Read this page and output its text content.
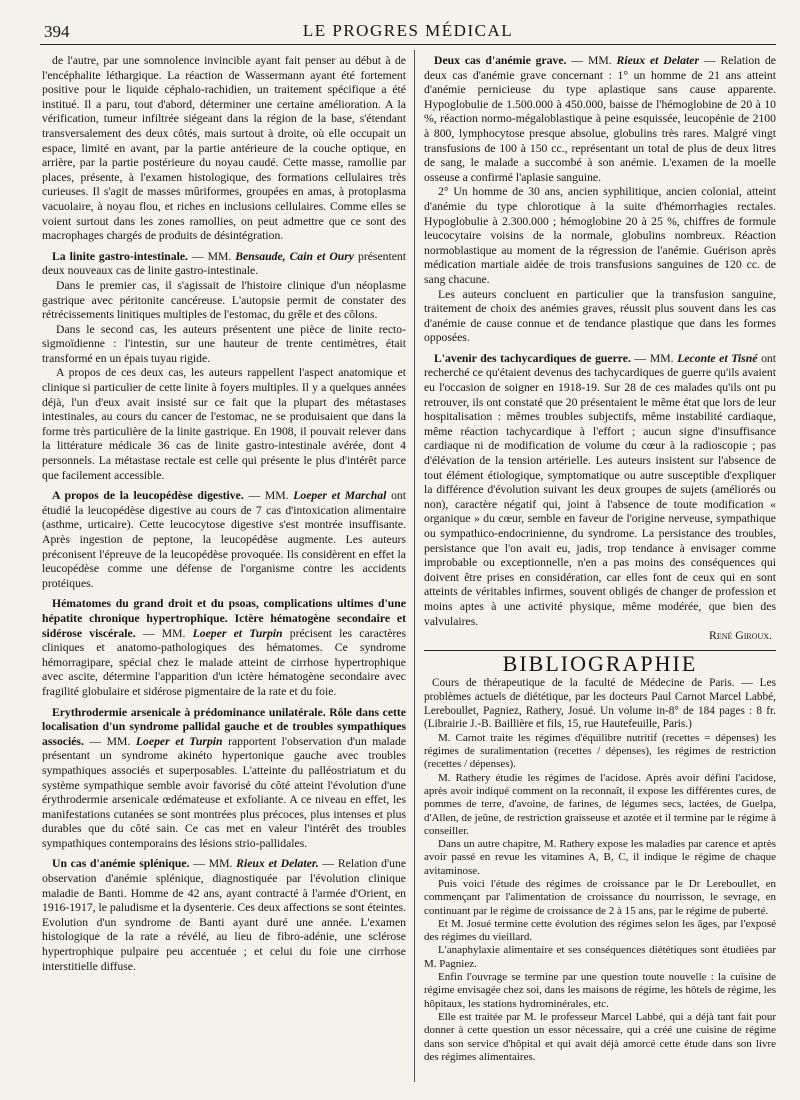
394	LE PROGRES MÉDICAL

de l'autre, par une somnolence invincible ayant fait penser au début à de l'encéphalite léthargique. La réaction de Wassermann ayant été fortement positive pour le liquide céphalo-rachidien, un traitement spécifique a été institué. Il a paru, tout d'abord, déterminer une certaine amélioration. A la vérification, tumeur infiltrée siégeant dans la région de la base, s'étendant transversalement des deux côtés, mais surtout à droite, où elle occupait un espace, limité en avant, par la partie antérieure de la couche optique, en arrière, par la partie postérieure du noyau caudé. Cette masse, ramollie par places, présente, à l'examen histologique, des formations cellulaires très curieuses. Il s'agit de masses mûriformes, groupées en amas, à protoplasma vacuolaire, à noyau flou, et riches en inclusions cellulaires. Comme elles se voient surtout dans les zones ramollies, on peut admettre que ce sont des macrophages chargés de produits de désintégration.

La linite gastro-intestinale. — MM. Bensaude, Cain et Oury présentent deux nouveaux cas de linite gastro-intestinale.

Dans le premier cas, il s'agissait de l'histoire clinique d'un néoplasme gastrique avec péritonite cancéreuse. L'autopsie permit de constater des rétrécissements linitiques multiples de l'estomac, du grêle et des côlons.

Dans le second cas, les auteurs présentent une pièce de linite recto-sigmoïdienne : l'intestin, sur une hauteur de trente centimètres, était transformé en un épais tuyau rigide.

A propos de ces deux cas, les auteurs rappellent l'aspect anatomique et clinique si particulier de cette linite à foyers multiples. Il y a quelques années déjà, l'un d'eux avait insisté sur ce fait que la plupart des métastases intestinales, au cours du cancer de l'estomac, ne se produisaient que dans la forme très particulière de la linite gastrique. En 1908, il pouvait relever dans la littérature médicale 36 cas de linite gastro-intestinale avérée, dont 4 personnels. La métastase rectale est celle qui présente le plus d'intérêt parce que facilement accessible.

A propos de la leucopédèse digestive. — MM. Loeper et Marchal ont étudié la leucopédèse digestive au cours de 7 cas d'intoxication alimentaire (asthme, urticaire). Cette leucocytose digestive s'est montrée insuffisante. Après ingestion de peptone, la leucopédèse augmente. Les auteurs préconisent l'épreuve de la leucopédèse provoquée. Ils considèrent en effet la leucopédèse comme une défense de l'organisme contre les accidents protéiques.

Hématomes du grand droit et du psoas, complications ultimes d'une hépatite chronique hypertrophique. Ictère hématogène secondaire et sidérose viscérale. — MM. Loeper et Turpin précisent les caractères cliniques et anatomo-pathologiques des hématomes. Ce syndrome hémorragipare, spécial chez le malade atteint de cirrhose hypertrophique avec ascite, détermine l'apparition d'un ictère hématogène secondaire avec fragilité globulaire et sidérose pigmentaire de la rate et du foie.

Erythrodermie arsenicale à prédominance unilatérale. Rôle dans cette localisation d'un syndrome pallidal gauche et de troubles sympathiques associés. — MM. Loeper et Turpin rapportent l'observation d'un malade présentant un syndrome akinéto hypertonique gauche avec troubles sympathiques associés et superposables. L'atteinte du palléostriatum et du système sympathique semble avoir favorisé du côté atteint l'évolution d'une érythrodermie arsenicale œdémateuse et exfoliante. A ce niveau en effet, les manifestations cutanées se sont montrées plus précoces, plus intenses et plus durables que du côté sain. Ce cas met en valeur l'intérêt des troubles sympathiques contemporains des lésions strio-pallidales.

Un cas d'anémie splénique. — MM. Rieux et Delater. — Relation d'une observation d'anémie splénique, diagnostiquée par l'évolution clinique maladie de Banti. Homme de 42 ans, ayant contracté à l'armée d'Orient, en 1916-1917, le paludisme et la dysenterie. Ces deux affections se sont éteintes. Evolution d'un syndrome de Banti ayant duré une année. L'examen histologique de la rate a révélé, au lieu de fibro-adénie, une sclérose hypertrophique pulpaire peu accentuée ; et celui du foie une cirrhose interstitielle diffuse.

Deux cas d'anémie grave. — MM. Rieux et Delater — Relation de deux cas d'anémie grave concernant : 1° un homme de 21 ans atteint d'anémie pernicieuse du type aplastique sans cause apparente. Hypoglobulie de 1.500.000 à 450.000, baisse de l'hémoglobine de 20 à 10 %, réaction normo-mégaloblastique à peine esquissée, leucopénie de 2100 à 800, lymphocytose presque absolue, globulins très rares. Malgré vingt transfusions de 100 à 150 cc., représentant un total de plus de deux litres de sang, le malade a succombé à son anémie. L'examen de la moelle osseuse a confirmé l'aplasie sanguine.

2° Un homme de 30 ans, ancien syphilitique, ancien colonial, atteint d'anémie du type chlorotique à la suite d'hémorrhagies rectales. Hypoglobulie à 2.300.000 ; hémoglobine 20 à 25 %, chiffres de formule leucocytaire voisins de la normale, globulins nombreux. Réaction normoblastique au moment de la régression de l'anémie. Guérison après médication martiale aidée de trois transfusions sanguines de 120 cc. de sang chacune.

Les auteurs concluent en particulier que la transfusion sanguine, traitement de choix des anémies graves, réussit plus souvent dans les cas d'anémie de cause connue et de tendance plastique que dans les formes opposées.

L'avenir des tachycardiques de guerre. — MM. Leconte et Tisné ont recherché ce qu'étaient devenus des tachycardiques de guerre qu'ils avaient eu l'occasion de soigner en 1918-19. Sur 28 de ces malades qu'ils ont pu retrouver, ils ont constaté que 20 présentaient le même état que lors de leur hospitalisation : mêmes troubles subjectifs, même instabilité cardiaque, même réaction tachycardique à l'effort ; aucun signe d'insuffisance cardiaque ni de modification de volume du cœur à la radioscopie ; pas d'élévation de la tension artérielle. Les auteurs insistent sur l'absence de tout élément étiologique, symptomatique ou autre susceptible d'expliquer la différence d'évolution suivant les deux groupes de sujets (améliorés ou non), caractère négatif qui, joint à l'absence de toute modification « organique » du cœur, semble en faveur de l'origine nerveuse, sympathique ou sympathico-endocrinienne, du syndrome. La persistance des troubles, persistance que l'on avait eu, jadis, trop tendance à envisager comme improbable ou exceptionnelle, n'en a pas moins des conséquences qui doivent être prises en considération, car elles font de ceux qui en sont atteints de véritables infirmes, souvent obligés de changer de profession et moins aptes à une activité physique, même modérée, que bien des valvulaires.

René Giroux.

BIBLIOGRAPHIE

Cours de thérapeutique de la faculté de Médecine de Paris. — Les problèmes actuels de diététique, par les docteurs Paul Carnot Marcel Labbé, Lereboullet, Pagniez, Rathery, Josué. Un volume in-8° de 184 pages : 8 fr. (Librairie J.-B. Baillière et fils, 15, rue Hautefeuille, Paris.)

M. Carnot traite les régimes d'équilibre nutritif (recettes = dépenses) les régimes de suralimentation (recettes / dépenses), les régimes de restriction (recettes / dépenses).

M. Rathery étudie les régimes de l'acidose. Après avoir défini l'acidose, après avoir indiqué comment on la reconnaît, il expose les différentes cures, de pommes de terre, d'avoine, de farines, de légumes secs, lactées, de Guelpa, d'Allen, de jeûne, de restriction graisseuse et azotée et il termine par le régime à conseiller.

Dans un autre chapitre, M. Rathery expose les maladies par carence et après avoir passé en revue les vitamines A, B, C, il indique le régime de chaque avitaminose.

Puis voici l'étude des régimes de croissance par le Dr Lereboullet, en commençant par l'alimentation de croissance du nourrisson, le sevrage, en continuant par le régime de croissance de 2 à 15 ans, par le régime de puberté.

Et M. Josué termine cette évolution des régimes selon les âges, par l'exposé des régimes du vieillard.

L'anaphylaxie alimentaire et ses conséquences diététiques sont étudiées par M. Pagniez.

Enfin l'ouvrage se termine par une question toute nouvelle : la cuisine de régime envisagée chez soi, dans les maisons de régime, les hôtels de régime, les hôpitaux, les stations hydrominérales, etc.

Elle est traitée par M. le professeur Marcel Labbé, qui a déjà tant fait pour donner à cette question un essor nécessaire, qui a créé une cuisine de régime dans son service d'hôpital et qui avait déjà amorcé cette étude dans son livre des régimes alimentaires.
